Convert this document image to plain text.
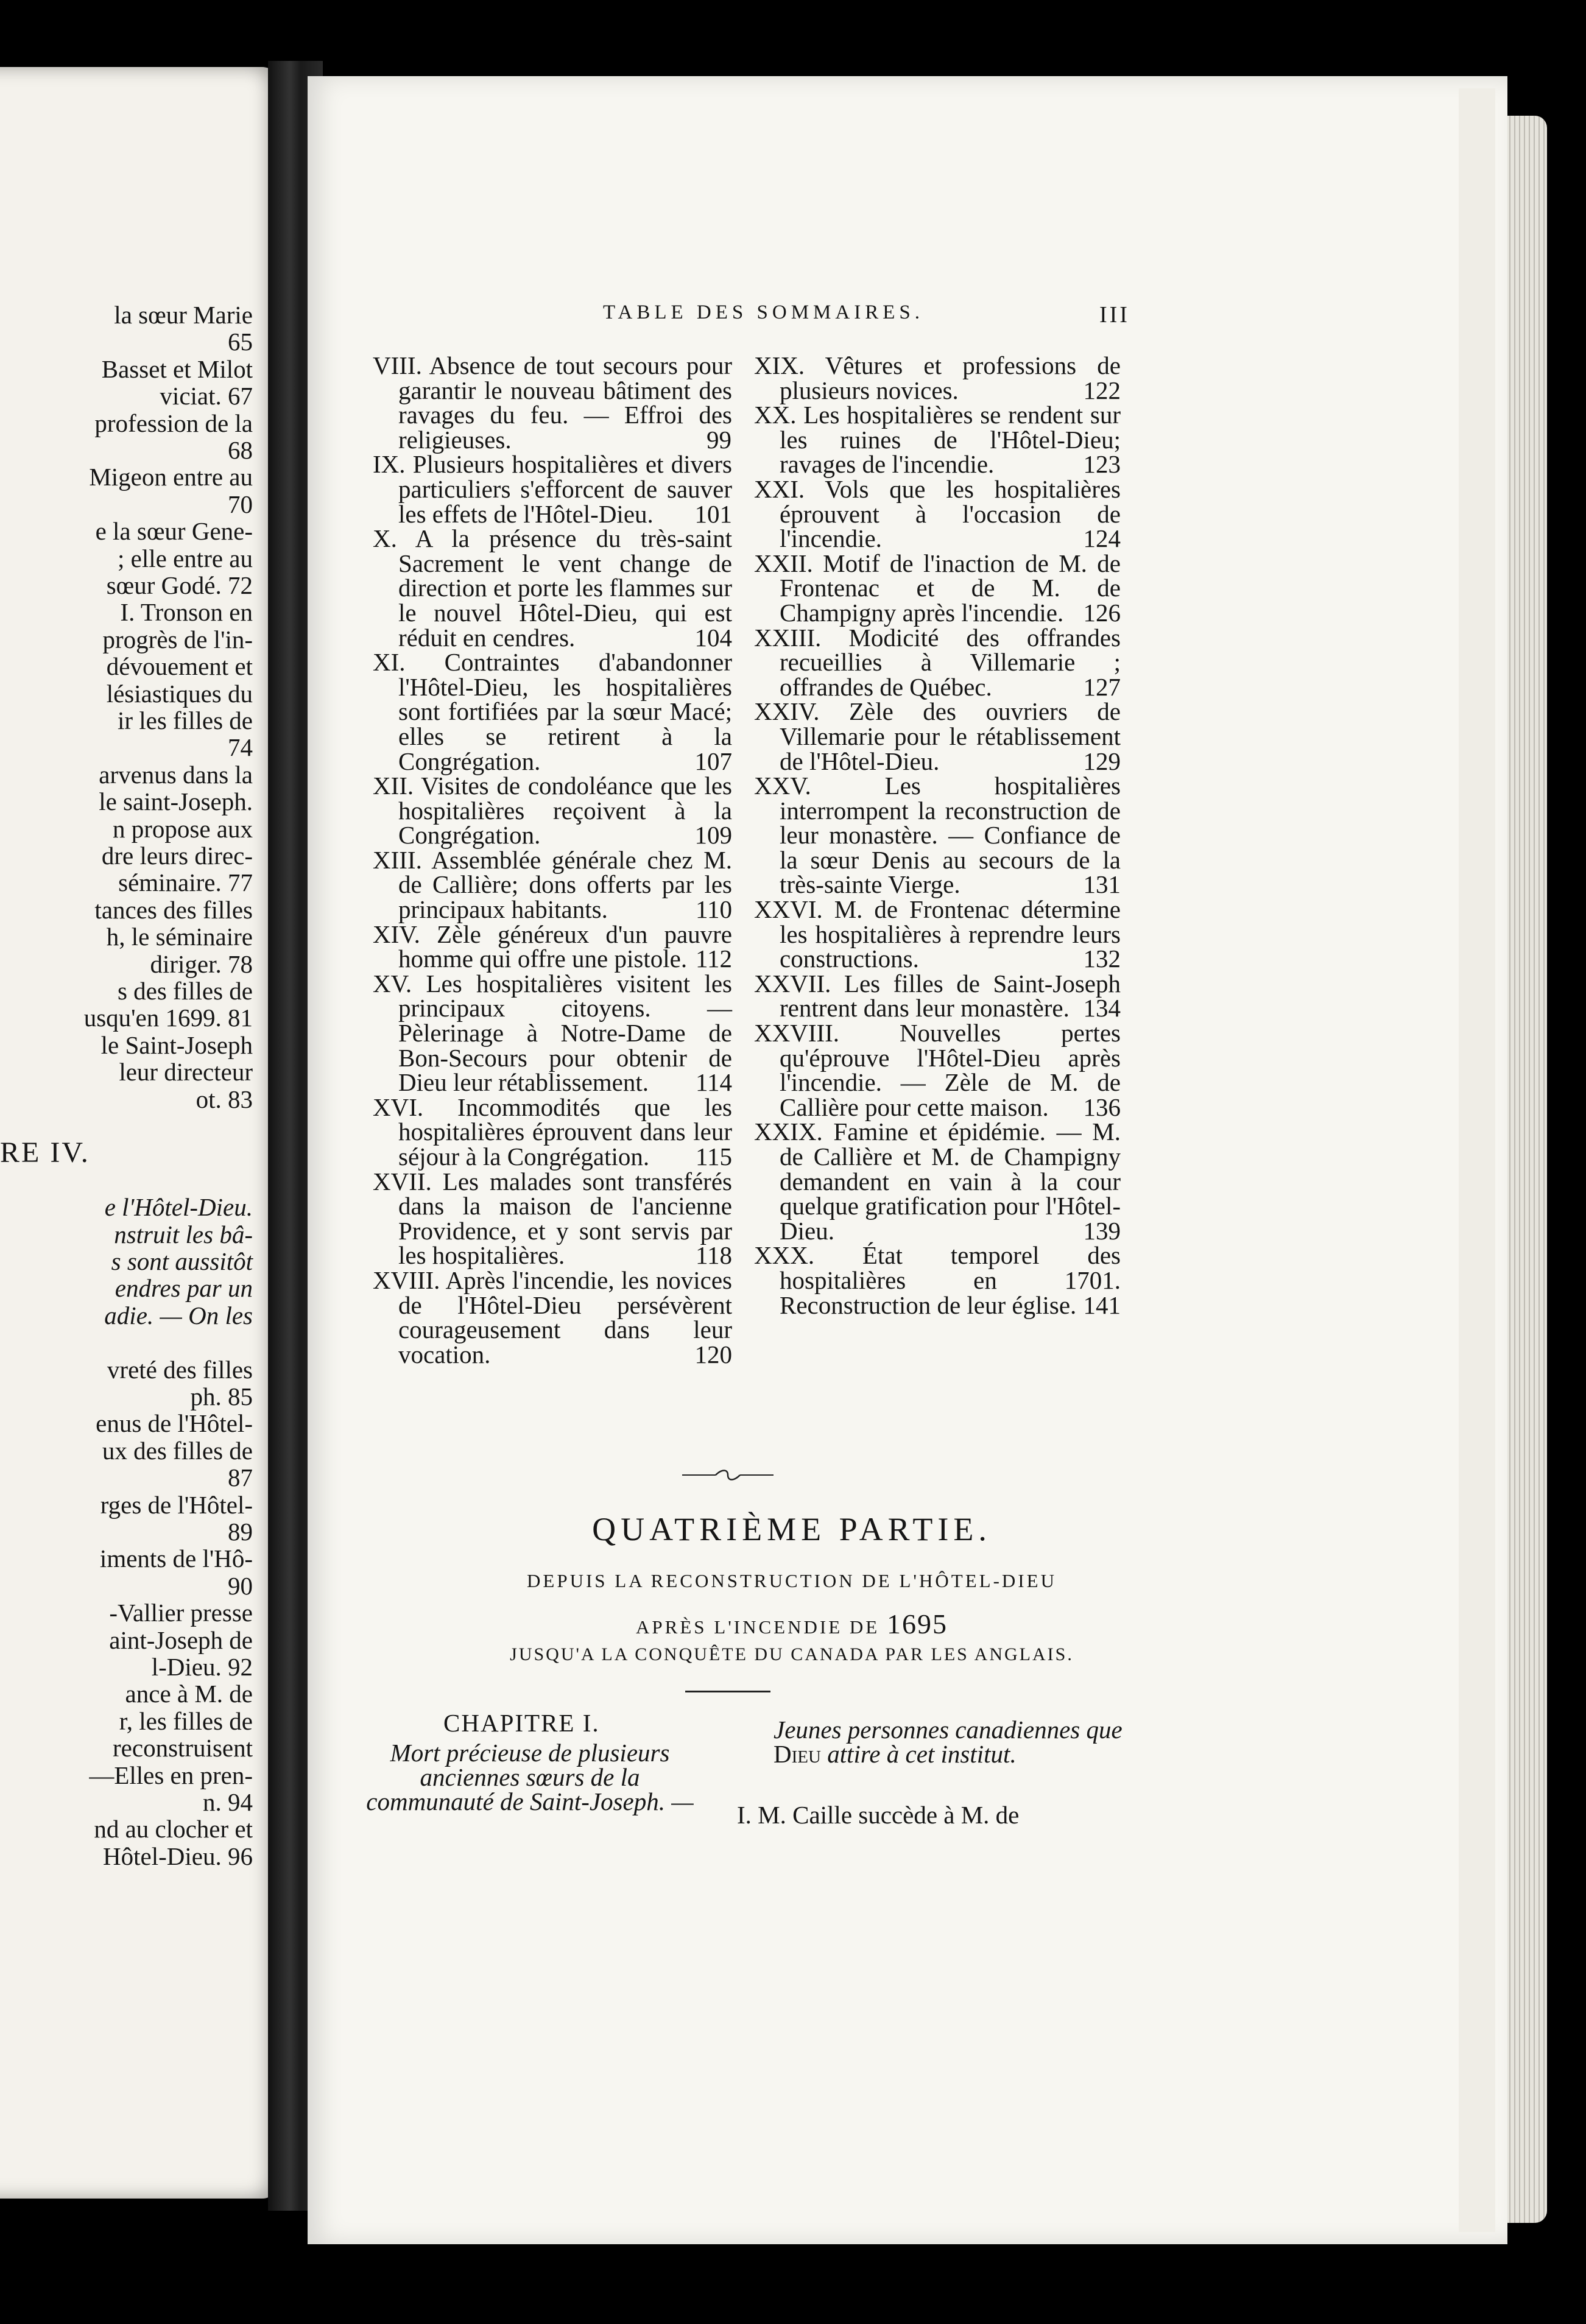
la sœur Marie
65
Basset et Milot
viciat. 67
profession de la
68
Migeon entre au
70
e la sœur Gene-
; elle entre au
sœur Godé. 72
I. Tronson en
progrès de l'in-
dévouement et
lésiastiques du
ir les filles de
74
arvenus dans la
le saint-Joseph.
n propose aux
dre leurs direc-
séminaire. 77
tances des filles
h, le séminaire
diriger. 78
s des filles de
usqu'en 1699. 81
le Saint-Joseph
leur directeur
ot. 83
RE IV.
e l'Hôtel-Dieu.
nstruit les bâ-
s sont aussitôt
endres par un
adie. — On les
vreté des filles
ph. 85
enus de l'Hôtel-
ux des filles de
87
rges de l'Hôtel-
89
iments de l'Hô-
90
-Vallier presse
aint-Joseph de
l-Dieu. 92
ance à M. de
r, les filles de
reconstruisent
—Elles en pren-
n. 94
nd au clocher et
Hôtel-Dieu. 96
TABLE DES SOMMAIRES.	III

VIII. Absence de tout secours pour garantir le nouveau bâtiment des ravages du feu. — Effroi des religieuses.	99

IX. Plusieurs hospitalières et divers particuliers s'efforcent de sauver les effets de l'Hôtel-Dieu. 101

X. A la présence du très-saint Sacrement le vent change de direction et porte les flammes sur le nouvel Hôtel-Dieu, qui est réduit en cendres.	104

XI. Contraintes d'abandonner l'Hôtel-Dieu, les hospitalières sont fortifiées par la sœur Macé; elles se retirent à la Congrégation.	107

XII. Visites de condoléance que les hospitalières reçoivent à la Congrégation.	109

XIII. Assemblée générale chez M. de Callière; dons offerts par les principaux habitants.	110

XIV. Zèle généreux d'un pauvre homme qui offre une pistole. 112

XV. Les hospitalières visitent les principaux citoyens. — Pèlerinage à Notre-Dame de Bon-Secours pour obtenir de Dieu leur rétablissement. 114

XVI. Incommodités que les hospitalières éprouvent dans leur séjour à la Congrégation. 115

XVII. Les malades sont transférés dans la maison de l'ancienne Providence, et y sont servis par les hospitalières.	118

XVIII. Après l'incendie, les novices de l'Hôtel-Dieu persévèrent courageusement dans leur vocation.	120

XIX. Vêtures et professions de plusieurs novices.	122

XX. Les hospitalières se rendent sur les ruines de l'Hôtel-Dieu; ravages de l'incendie.	123

XXI. Vols que les hospitalières éprouvent à l'occasion de l'incendie.	124

XXII. Motif de l'inaction de M. de Frontenac et de M. de Champigny après l'incendie. 126

XXIII. Modicité des offrandes recueillies à Villemarie ; offrandes de Québec.	127

XXIV. Zèle des ouvriers de Villemarie pour le rétablissement de l'Hôtel-Dieu.	129

XXV. Les hospitalières interrompent la reconstruction de leur monastère. — Confiance de la sœur Denis au secours de la très-sainte Vierge.	131

XXVI. M. de Frontenac détermine les hospitalières à reprendre leurs constructions.	132

XXVII. Les filles de Saint-Joseph rentrent dans leur monastère. 134

XXVIII. Nouvelles pertes qu'éprouve l'Hôtel-Dieu après l'incendie. — Zèle de M. de Callière pour cette maison. 136

XXIX. Famine et épidémie. — M. de Callière et M. de Champigny demandent en vain à la cour quelque gratification pour l'Hôtel-Dieu.	139

XXX. État temporel des hospitalières en 1701. Reconstruction de leur église. 141

QUATRIÈME PARTIE.
DEPUIS LA RECONSTRUCTION DE L'HÔTEL-DIEU
APRÈS L'INCENDIE DE 1695
JUSQU'A LA CONQUÊTE DU CANADA PAR LES ANGLAIS.
CHAPITRE I.
Mort précieuse de plusieurs anciennes sœurs de la communauté de Saint-Joseph. —
Jeunes personnes canadiennes que Dieu attire à cet institut.
I. M. Caille succède à M. de
